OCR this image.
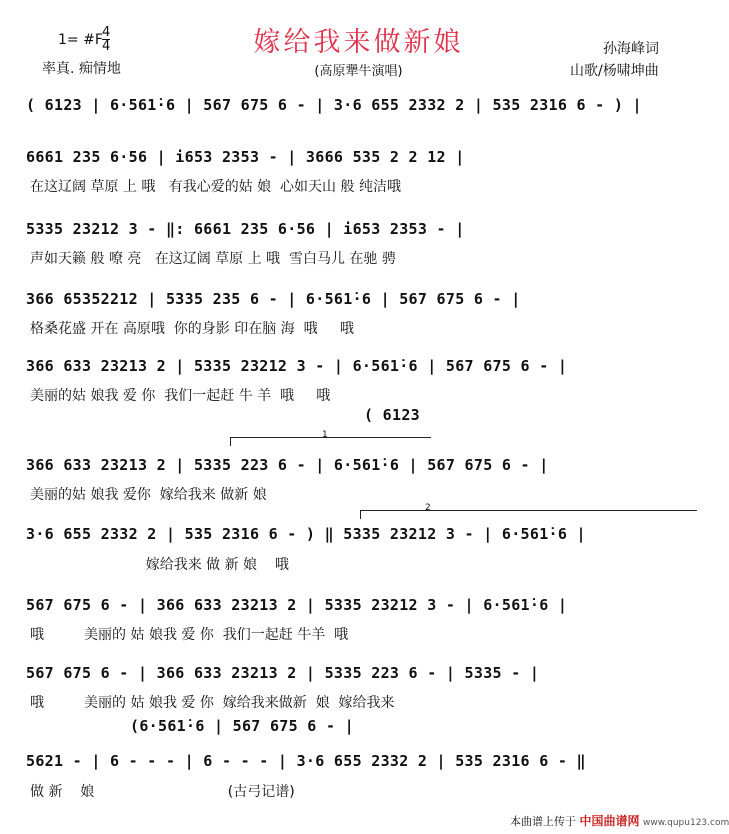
1= #F 4
4
率真. 痴情地
嫁给我来做新娘
(高原犟牛演唱)
孙海峰词
山歌/杨啸坤曲
( 6123 | 6·561̇·6 | 567 675 6 - | 3·6 655 2332 2 | 535 2316 6 - ) |
6661 235 6·56 | i653 2353 - | 3666 535 2 2 12 |
在这辽阔 草原 上 哦   有我心爱的姑 娘  心如天山 般 纯洁哦
5335 23212 3 - ‖: 6661 235 6·56 | i653 2353 - |
声如天籁 般 嘹 亮   在这辽阔 草原 上 哦  雪白马儿 在驰 骋
366 65352212 | 5335 235 6 - | 6·561̇·6 | 567 675 6 - |
格桑花盛 开在 高原哦  你的身影 印在脑 海  哦     哦
366 633 23213 2 | 5335 23212 3 - | 6·561̇·6 | 567 675 6 - |
美丽的姑 娘我 爱 你  我们一起赶 牛 羊  哦     哦
( 6123
1
366 633 23213 2 | 5335 223 6 - | 6·561̇·6 | 567 675 6 - |
美丽的姑 娘我 爱你  嫁给我来 做新 娘
2
3·6 655 2332 2 | 535 2316 6 - ) ‖ 5335 23212 3 - | 6·561̇·6 |
嫁给我来 做 新 娘    哦
567 675 6 - | 366 633 23213 2 | 5335 23212 3 - | 6·561̇·6 |
哦         美丽的 姑 娘我 爱 你  我们一起赶 牛羊  哦
567 675 6 - | 366 633 23213 2 | 5335 223 6 - | 5335 - |
哦         美丽的 姑 娘我 爱 你  嫁给我来做新  娘  嫁给我来
(6·561̇·6 | 567 675 6 - |
5621 - | 6 - - - | 6 - - - | 3·6 655 2332 2 | 535 2316 6 - ‖
做 新    娘                              (古弓记谱)
本曲谱上传于 中国曲谱网 www.qupu123.com
